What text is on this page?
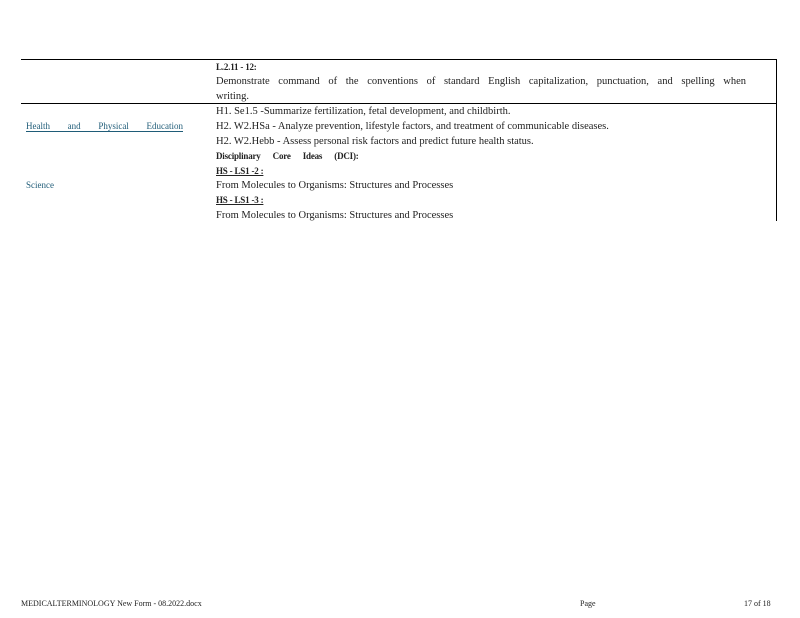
L.2.11 - 12:
Demonstrate command of the conventions of standard English capitalization, punctuation, and spelling when
writing.
Health and Physical Education
Science
H1. Se1.5 -Summarize fertilization, fetal development, and childbirth.
H2. W2.HSa - Analyze prevention, lifestyle factors, and treatment of communicable diseases.
H2. W2.Hebb - Assess personal risk factors and predict future health status.
Disciplinary Core Ideas (DCI):
HS - LS1 -2 :
From Molecules to Organisms: Structures and Processes
HS - LS1 -3 :
From Molecules to Organisms: Structures and Processes
MEDICALTERMINOLOGY New Form - 08.2022.docx	Page	17 of 18
